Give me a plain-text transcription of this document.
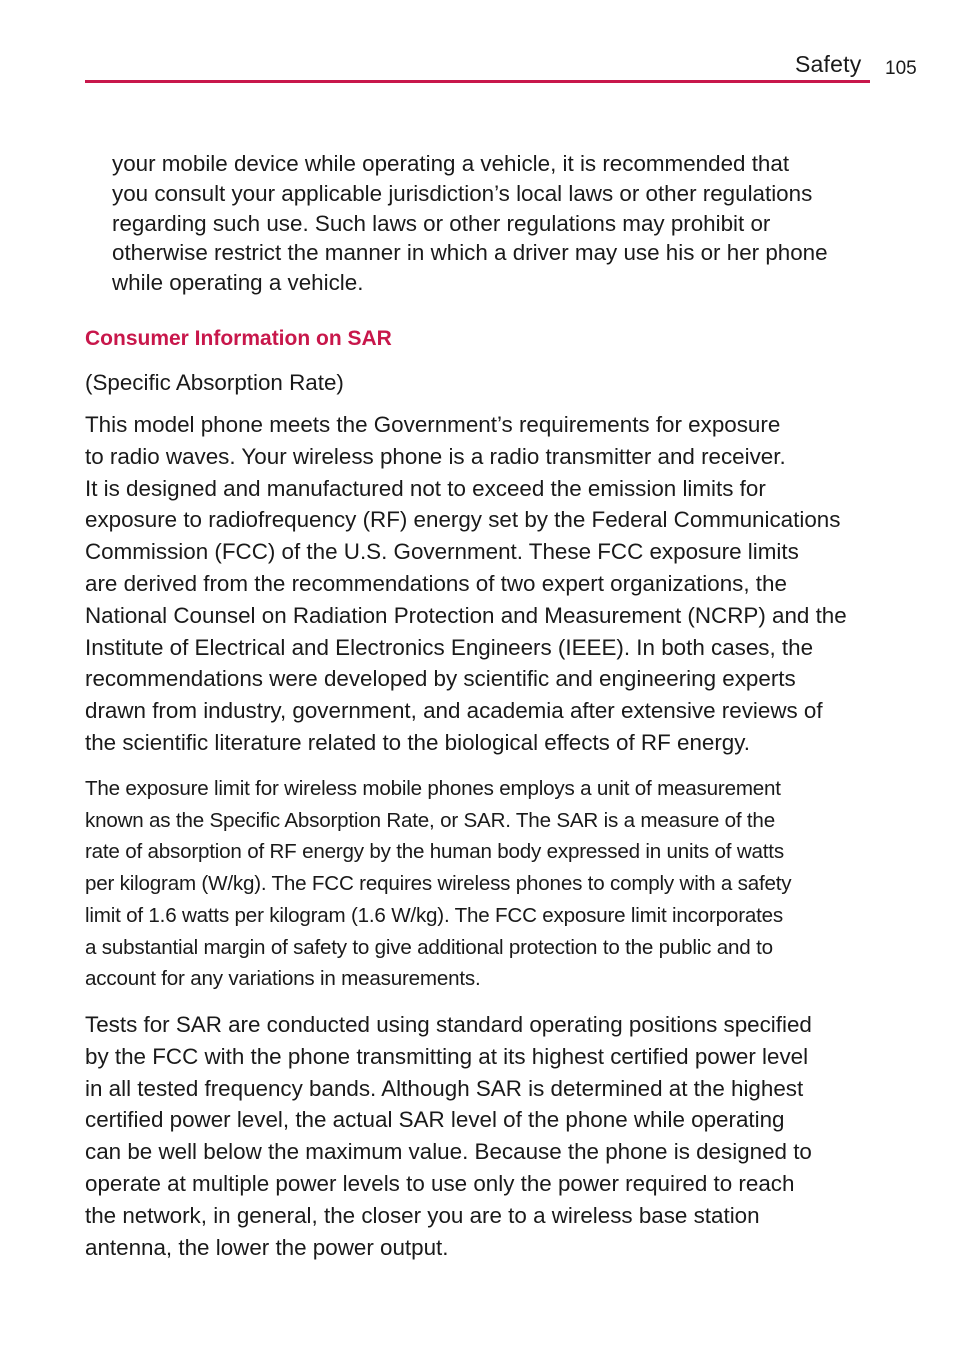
Safety 105

your mobile device while operating a vehicle, it is recommended that
you consult your applicable jurisdiction’s local laws or other regulations
regarding such use. Such laws or other regulations may prohibit or
otherwise restrict the manner in which a driver may use his or her phone
while operating a vehicle.

Consumer Information on SAR

(Specific Absorption Rate)

This model phone meets the Government’s requirements for exposure
to radio waves. Your wireless phone is a radio transmitter and receiver.
It is designed and manufactured not to exceed the emission limits for
exposure to radiofrequency (RF) energy set by the Federal Communications
Commission (FCC) of the U.S. Government. These FCC exposure limits
are derived from the recommendations of two expert organizations, the
National Counsel on Radiation Protection and Measurement (NCRP) and the
Institute of Electrical and Electronics Engineers (IEEE). In both cases, the
recommendations were developed by scientific and engineering experts
drawn from industry, government, and academia after extensive reviews of
the scientific literature related to the biological effects of RF energy.

The exposure limit for wireless mobile phones employs a unit of measurement
known as the Specific Absorption Rate, or SAR. The SAR is a measure of the
rate of absorption of RF energy by the human body expressed in units of watts
per kilogram (W/kg). The FCC requires wireless phones to comply with a safety
limit of 1.6 watts per kilogram (1.6 W/kg). The FCC exposure limit incorporates
a substantial margin of safety to give additional protection to the public and to
account for any variations in measurements.

Tests for SAR are conducted using standard operating positions specified
by the FCC with the phone transmitting at its highest certified power level
in all tested frequency bands. Although SAR is determined at the highest
certified power level, the actual SAR level of the phone while operating
can be well below the maximum value. Because the phone is designed to
operate at multiple power levels to use only the power required to reach
the network, in general, the closer you are to a wireless base station
antenna, the lower the power output.
